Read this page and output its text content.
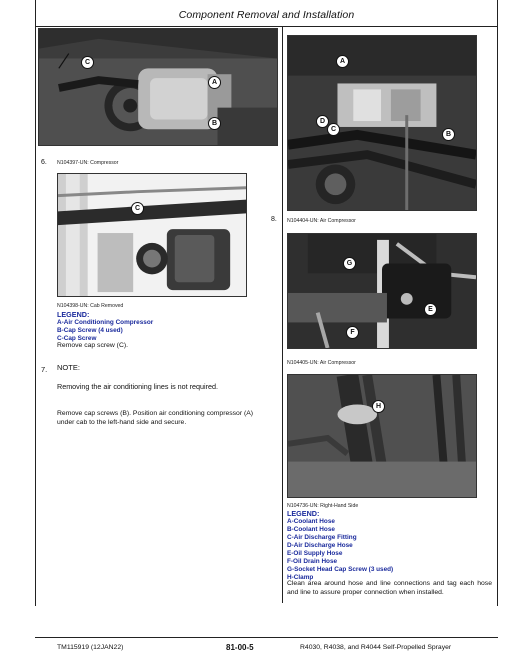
Component Removal and Installation
C
A
B
6. N104397-UN: Compressor
C
N104398-UN: Cab Removed
LEGEND:
A-Air Conditioning Compressor
B-Cap Screw (4 used)
C-Cap Screw
Remove cap screw (C).
7. NOTE:
Removing the air conditioning lines is not required.
Remove cap screws (B). Position air conditioning compressor (A) under cab to the left-hand side and secure.
A
D
C
B
8. N104404-UN: Air Compressor
G
E
F
N104405-UN: Air Compressor
H
N104736-UN: Right-Hand Side
LEGEND:
A-Coolant Hose
B-Coolant Hose
C-Air Discharge Fitting
D-Air Discharge Hose
E-Oil Supply Hose
F-Oil Drain Hose
G-Socket Head Cap Screw (3 used)
H-Clamp
Clean area around hose and line connections and tag each hose and line to assure proper connection when installed.
TM115919 (12JAN22)	81-00-5	R4030, R4038, and R4044 Self-Propelled Sprayer
